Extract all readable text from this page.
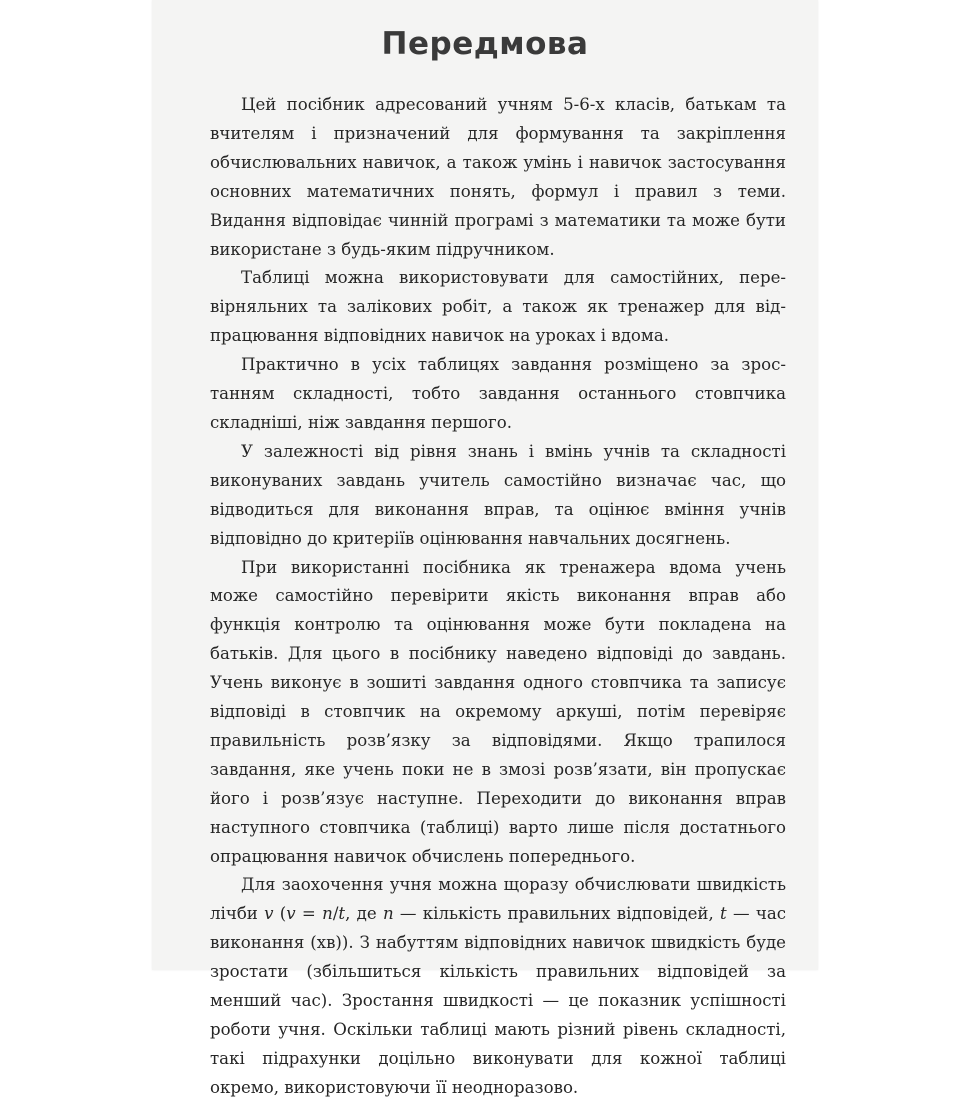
Передмова

Цей посібник адресований учням 5-6-х класів, батькам та вчителям і призначений для формування та закріплення обчислювальних навичок, а також умінь і навичок застосування основних математичних понять, формул і правил з теми. Видання відповідає чинній програмі з математики та може бути використане з будь-яким підручником.

Таблиці можна використовувати для самостійних, перевірняльних та залікових робіт, а також як тренажер для відпрацювання відповідних навичок на уроках і вдома.

Практично в усіх таблицях завдання розміщено за зростанням складності, тобто завдання останнього стовпчика складніші, ніж завдання першого.

У залежності від рівня знань і вмінь учнів та складності виконуваних завдань учитель самостійно визначає час, що відводиться для виконання вправ, та оцінює вміння учнів відповідно до критеріїв оцінювання навчальних досягнень.

При використанні посібника як тренажера вдома учень може самостійно перевірити якість виконання вправ або функція контролю та оцінювання може бути покладена на батьків. Для цього в посібнику наведено відповіді до завдань. Учень виконує в зошиті завдання одного стовпчика та записує відповіді в стовпчик на окремому аркуші, потім перевіряє правильність розв’язку за відповідями. Якщо трапилося завдання, яке учень поки не в змозі розв’язати, він пропускає його і розв’язує наступне. Переходити до виконання вправ наступного стовпчика (таблиці) варто лише після достатнього опрацювання навичок обчислень попереднього.

Для заохочення учня можна щоразу обчислювати швидкість лічби v (v = n/t, де n — кількість правильних відповідей, t — час виконання (хв)). З набуттям відповідних навичок швидкість буде зростати (збільшиться кількість правильних відповідей за менший час). Зростання швидкості — це показник успішності роботи учня. Оскільки таблиці мають різний рівень складності, такі підрахунки доцільно виконувати для кожної таблиці окремо, використовуючи її неодноразово.
